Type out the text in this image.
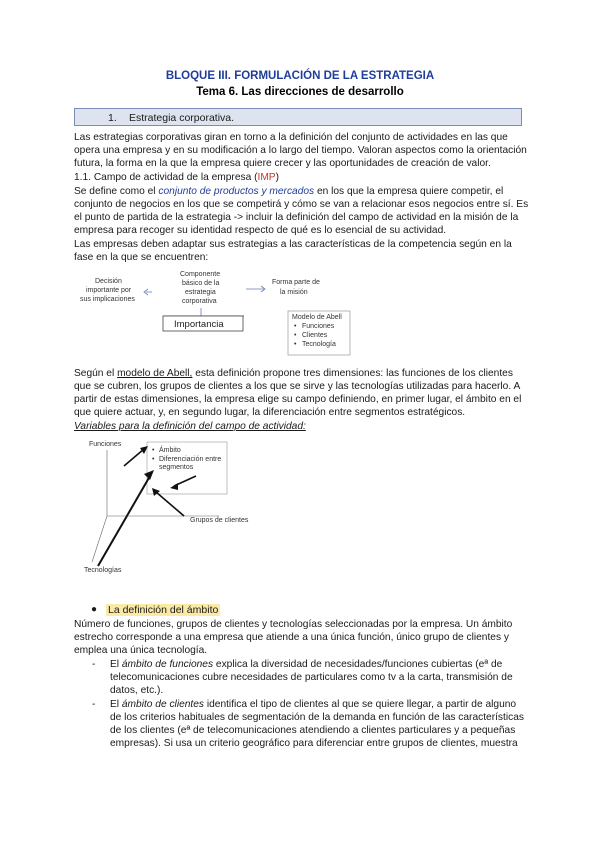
BLOQUE III. FORMULACIÓN DE LA ESTRATEGIA
Tema 6. Las direcciones de desarrollo
1. Estrategia corporativa.

Las estrategias corporativas giran en torno a la definición del conjunto de actividades en las que opera una empresa y en su modificación a lo largo del tiempo. Valoran aspectos como la orientación futura, la forma en la que la empresa quiere crecer y las oportunidades de creación de valor.

1.1. Campo de actividad de la empresa (IMP)

Se define como el conjunto de productos y mercados en los que la empresa quiere competir, el conjunto de negocios en los que se competirá y cómo se van a relacionar esos negocios entre sí. Es el punto de partida de la estrategia -> incluir la definición del campo de actividad en la misión de la empresa para recoger su identidad respecto de qué es lo esencial de su actividad.

Las empresas deben adaptar sus estrategias a las características de la competencia según en la fase en la que se encuentren:

Decisión
importante por
sus implicaciones
Componente
básico de la
estrategia
corporativa
Importancia
Forma parte de
la misión
Modelo de Abell
• Funciones
• Clientes
• Tecnología

Según el modelo de Abell, esta definición propone tres dimensiones: las funciones de los clientes que se cubren, los grupos de clientes a los que se sirve y las tecnologías utilizadas para hacerlo. A partir de estas dimensiones, la empresa elige su campo definiendo, en primer lugar, el ámbito en el que quiere actuar, y, en segundo lugar, la diferenciación entre segmentos estratégicos.

Variables para la definición del campo de actividad:

Funciones
• Ámbito
• Diferenciación entre
segmentos
Grupos de clientes
Tecnologías
● La definición del ámbito

Número de funciones, grupos de clientes y tecnologías seleccionadas por la empresa. Un ámbito estrecho corresponde a una empresa que atiende a una única función, único grupo de clientes y emplea una única tecnología.

- El ámbito de funciones explica la diversidad de necesidades/funciones cubiertas (eª de telecomunicaciones cubre necesidades de particulares como tv a la carta, transmisión de datos, etc.).
- El ámbito de clientes identifica el tipo de clientes al que se quiere llegar, a partir de alguno de los criterios habituales de segmentación de la demanda en función de las características de los clientes (eª de telecomunicaciones atendiendo a clientes particulares y a pequeñas empresas). Si usa un criterio geográfico para diferenciar entre grupos de clientes, muestra
